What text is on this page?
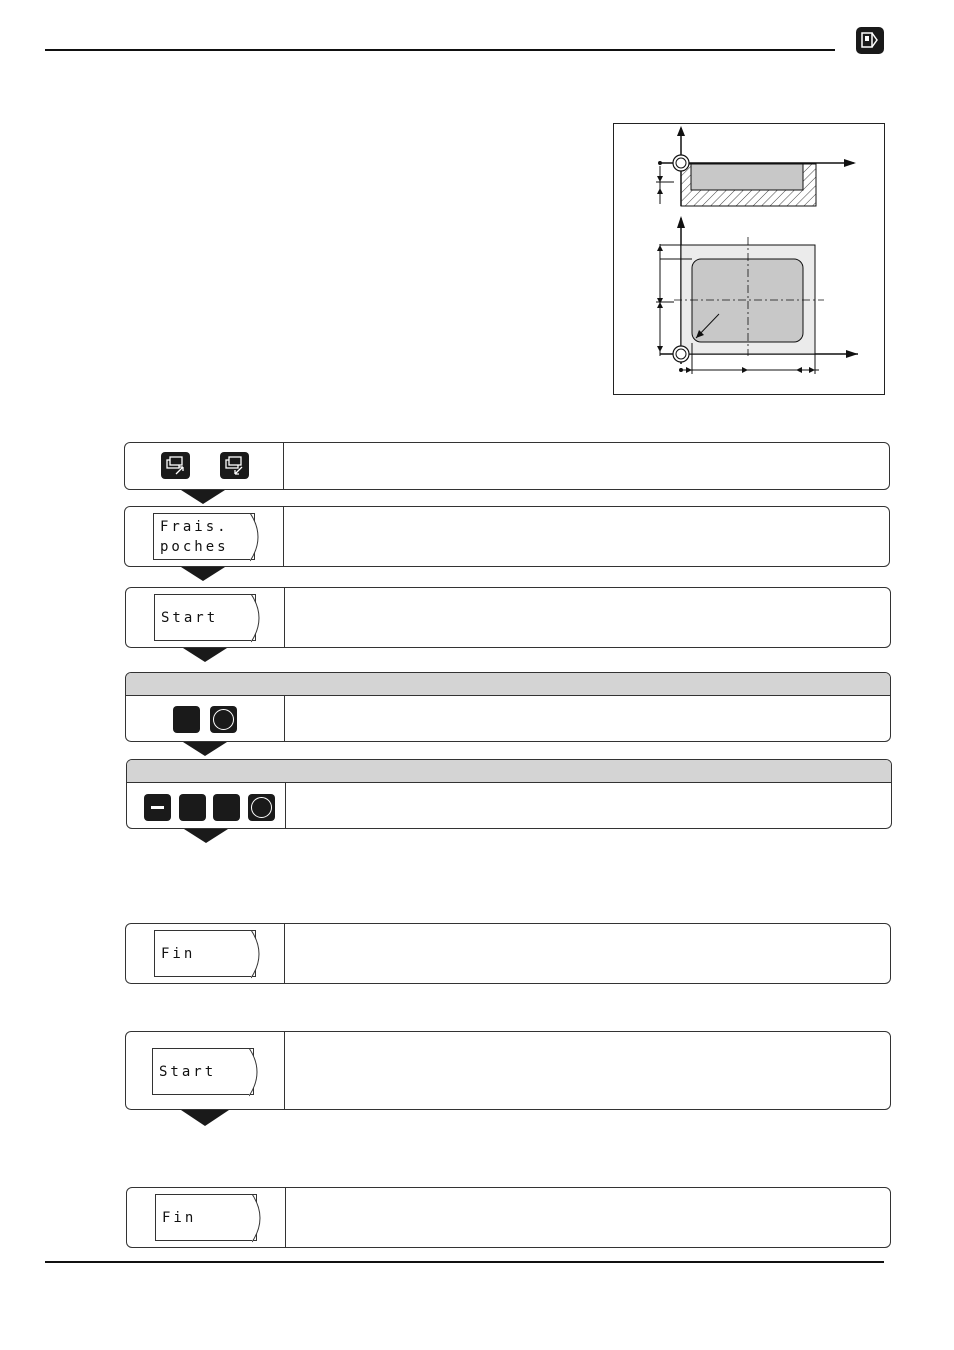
Frais.
poches
Start
Fin
Start
Fin
